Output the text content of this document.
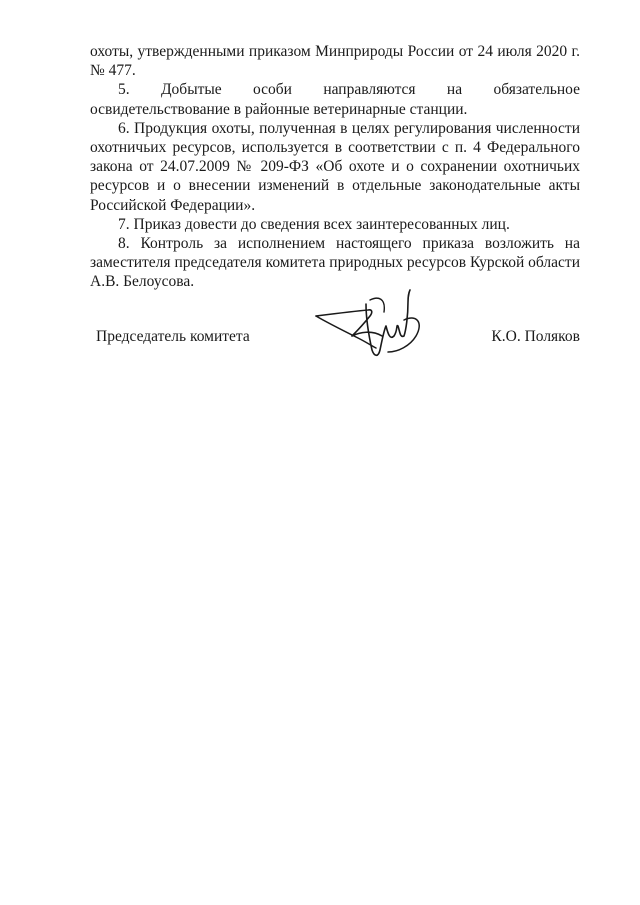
охоты, утвержденными приказом Минприроды России от 24 июля 2020 г. № 477.

5. Добытые особи направляются на обязательное освидетельствование в районные ветеринарные станции.

6. Продукция охоты, полученная в целях регулирования численности охотничьих ресурсов, используется в соответствии с п. 4 Федерального закона от 24.07.2009 № 209-ФЗ «Об охоте и о сохранении охотничьих ресурсов и о внесении изменений в отдельные законодательные акты Российской Федерации».

7. Приказ довести до сведения всех заинтересованных лиц.

8. Контроль за исполнением настоящего приказа возложить на заместителя председателя комитета природных ресурсов Курской области А.В. Белоусова.

Председатель комитета	К.О. Поляков
